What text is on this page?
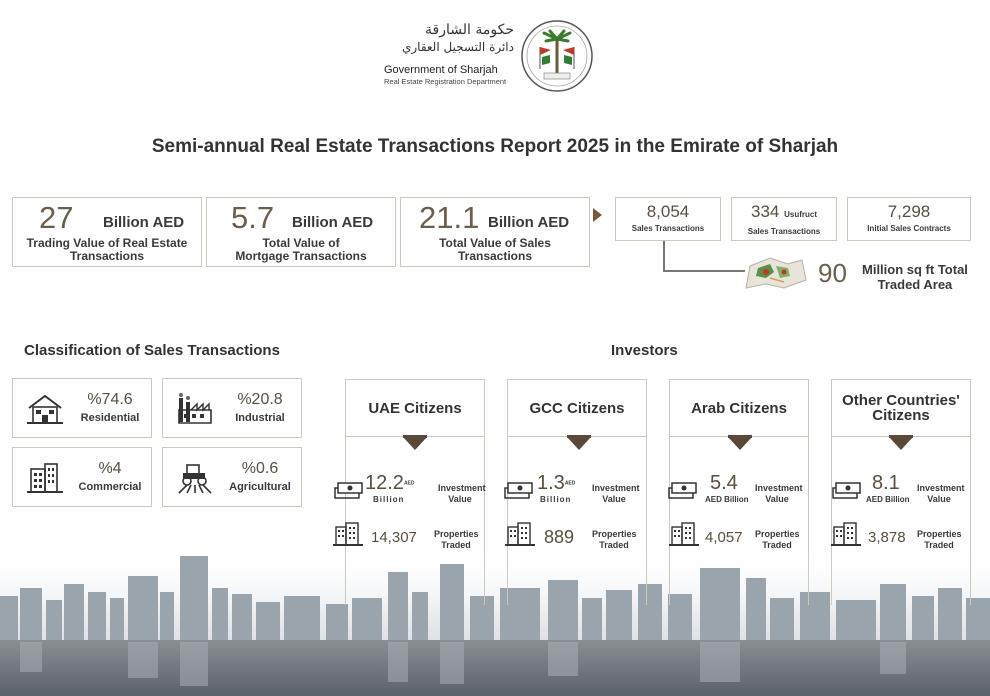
حكومة الشارقة
دائرة التسجيل العقاري
Government of Sharjah
Real Estate Registration Department
Semi-annual Real Estate Transactions Report 2025 in the Emirate of Sharjah
27 Billion AED
Trading Value of Real Estate Transactions
5.7 Billion AED
Total Value of Mortgage Transactions
21.1 Billion AED
Total Value of Sales Transactions
8,054
Sales Transactions
334 Usufruct
Sales Transactions
7,298
Initial Sales Contracts
90 Million sq ft Total
Traded Area
Classification of Sales Transactions	Investors
%74.6
Residential
%20.8
Industrial
%4
Commercial
%0.6
Agricultural
UAE Citizens
12.2AED
Billion
Investment
Value
14,307 Properties
Traded
GCC Citizens
1.3AED
Billion
Investment
Value
889 Properties
Traded
Arab Citizens
5.4
AED Billion
Investment
Value
4,057 Properties
Traded
Other Countries'
Citizens
8.1
AED Billion
Investment
Value
3,878 Properties
Traded
